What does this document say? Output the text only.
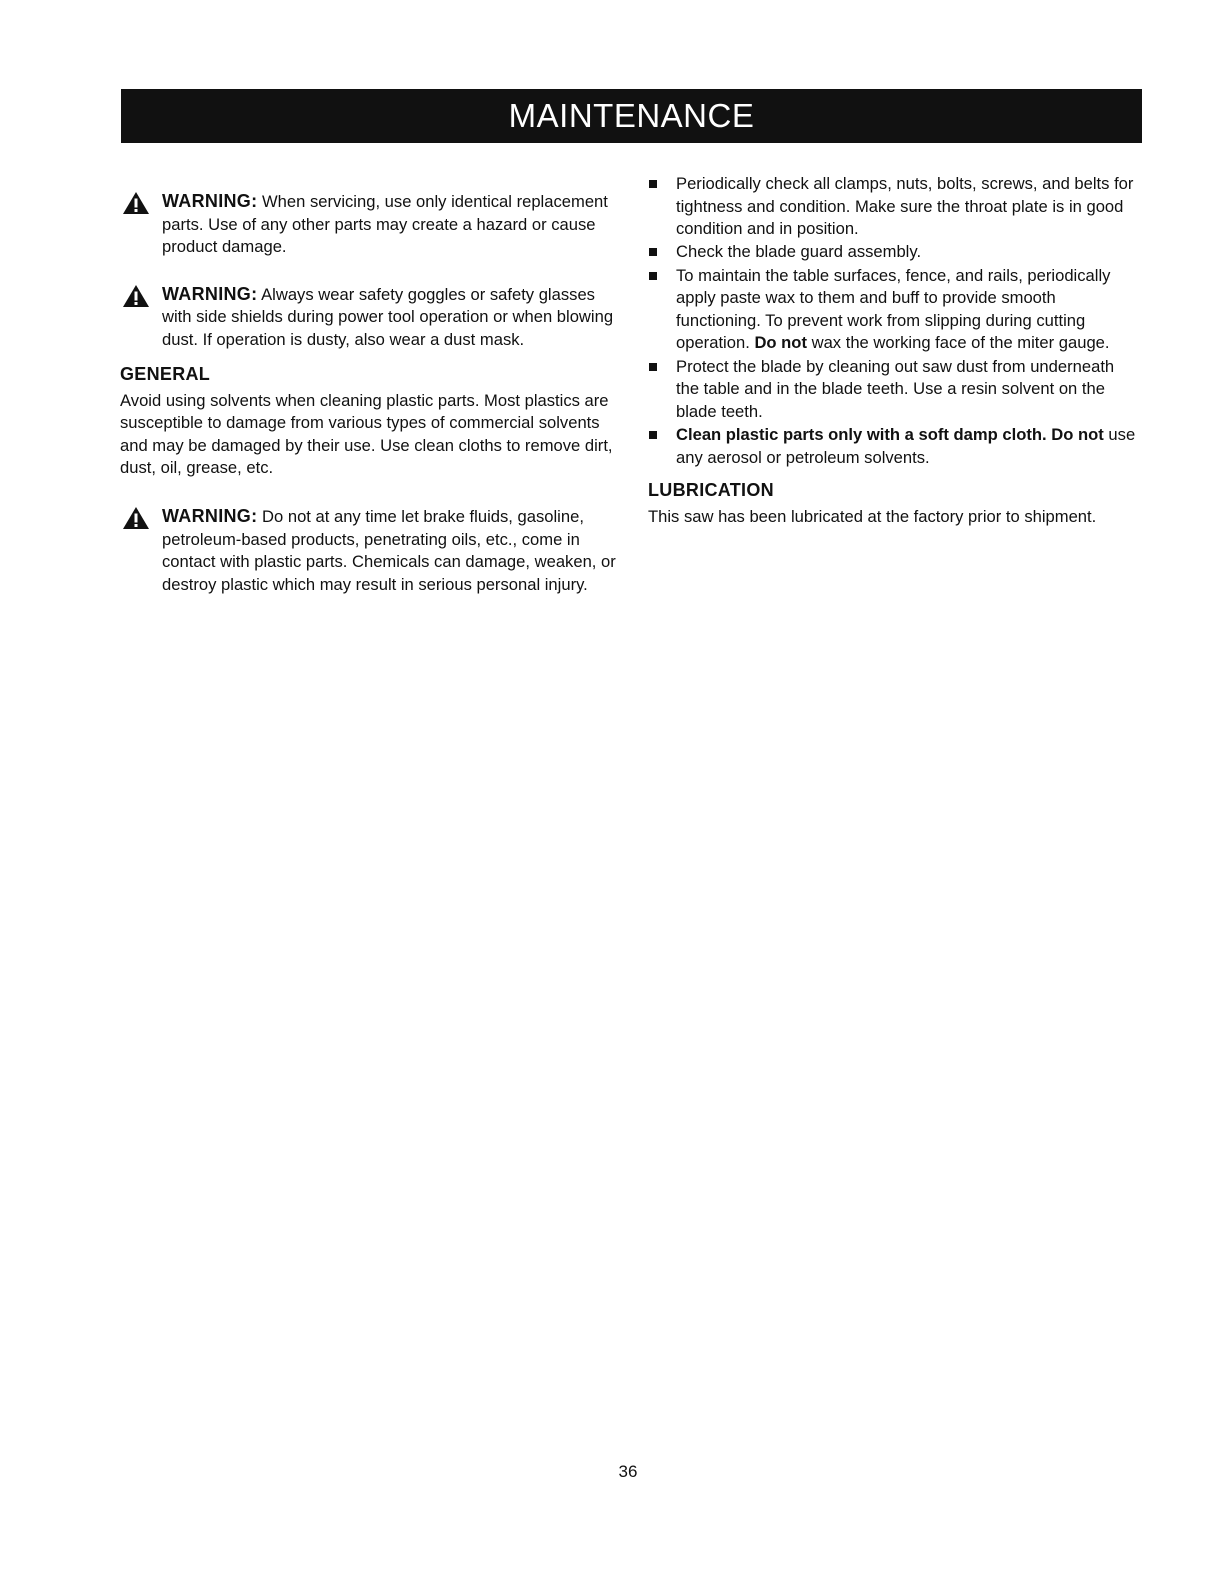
MAINTENANCE
WARNING: When servicing, use only identical replacement parts. Use of any other parts may create a hazard or cause product damage.
WARNING: Always wear safety goggles or safety glasses with side shields during power tool operation or when blowing dust. If operation is dusty, also wear a dust mask.
GENERAL
Avoid using solvents when cleaning plastic parts. Most plastics are susceptible to damage from various types of commercial solvents and may be damaged by their use. Use clean cloths to remove dirt, dust, oil, grease, etc.
WARNING: Do not at any time let brake fluids, gasoline, petroleum-based products, penetrating oils, etc., come in contact with plastic parts. Chemicals can damage, weaken, or destroy plastic which may result in serious personal injury.
Periodically check all clamps, nuts, bolts, screws, and belts for tightness and condition. Make sure the throat plate is in good condition and in position.
Check the blade guard assembly.
To maintain the table surfaces, fence, and rails, periodically apply paste wax to them and buff to provide smooth functioning. To prevent work from slipping during cutting operation. Do not wax the working face of the miter gauge.
Protect the blade by cleaning out saw dust from underneath the table and in the blade teeth. Use a resin solvent on the blade teeth.
Clean plastic parts only with a soft damp cloth. Do not use any aerosol or petroleum solvents.
LUBRICATION
This saw has been lubricated at the factory prior to shipment.
36
